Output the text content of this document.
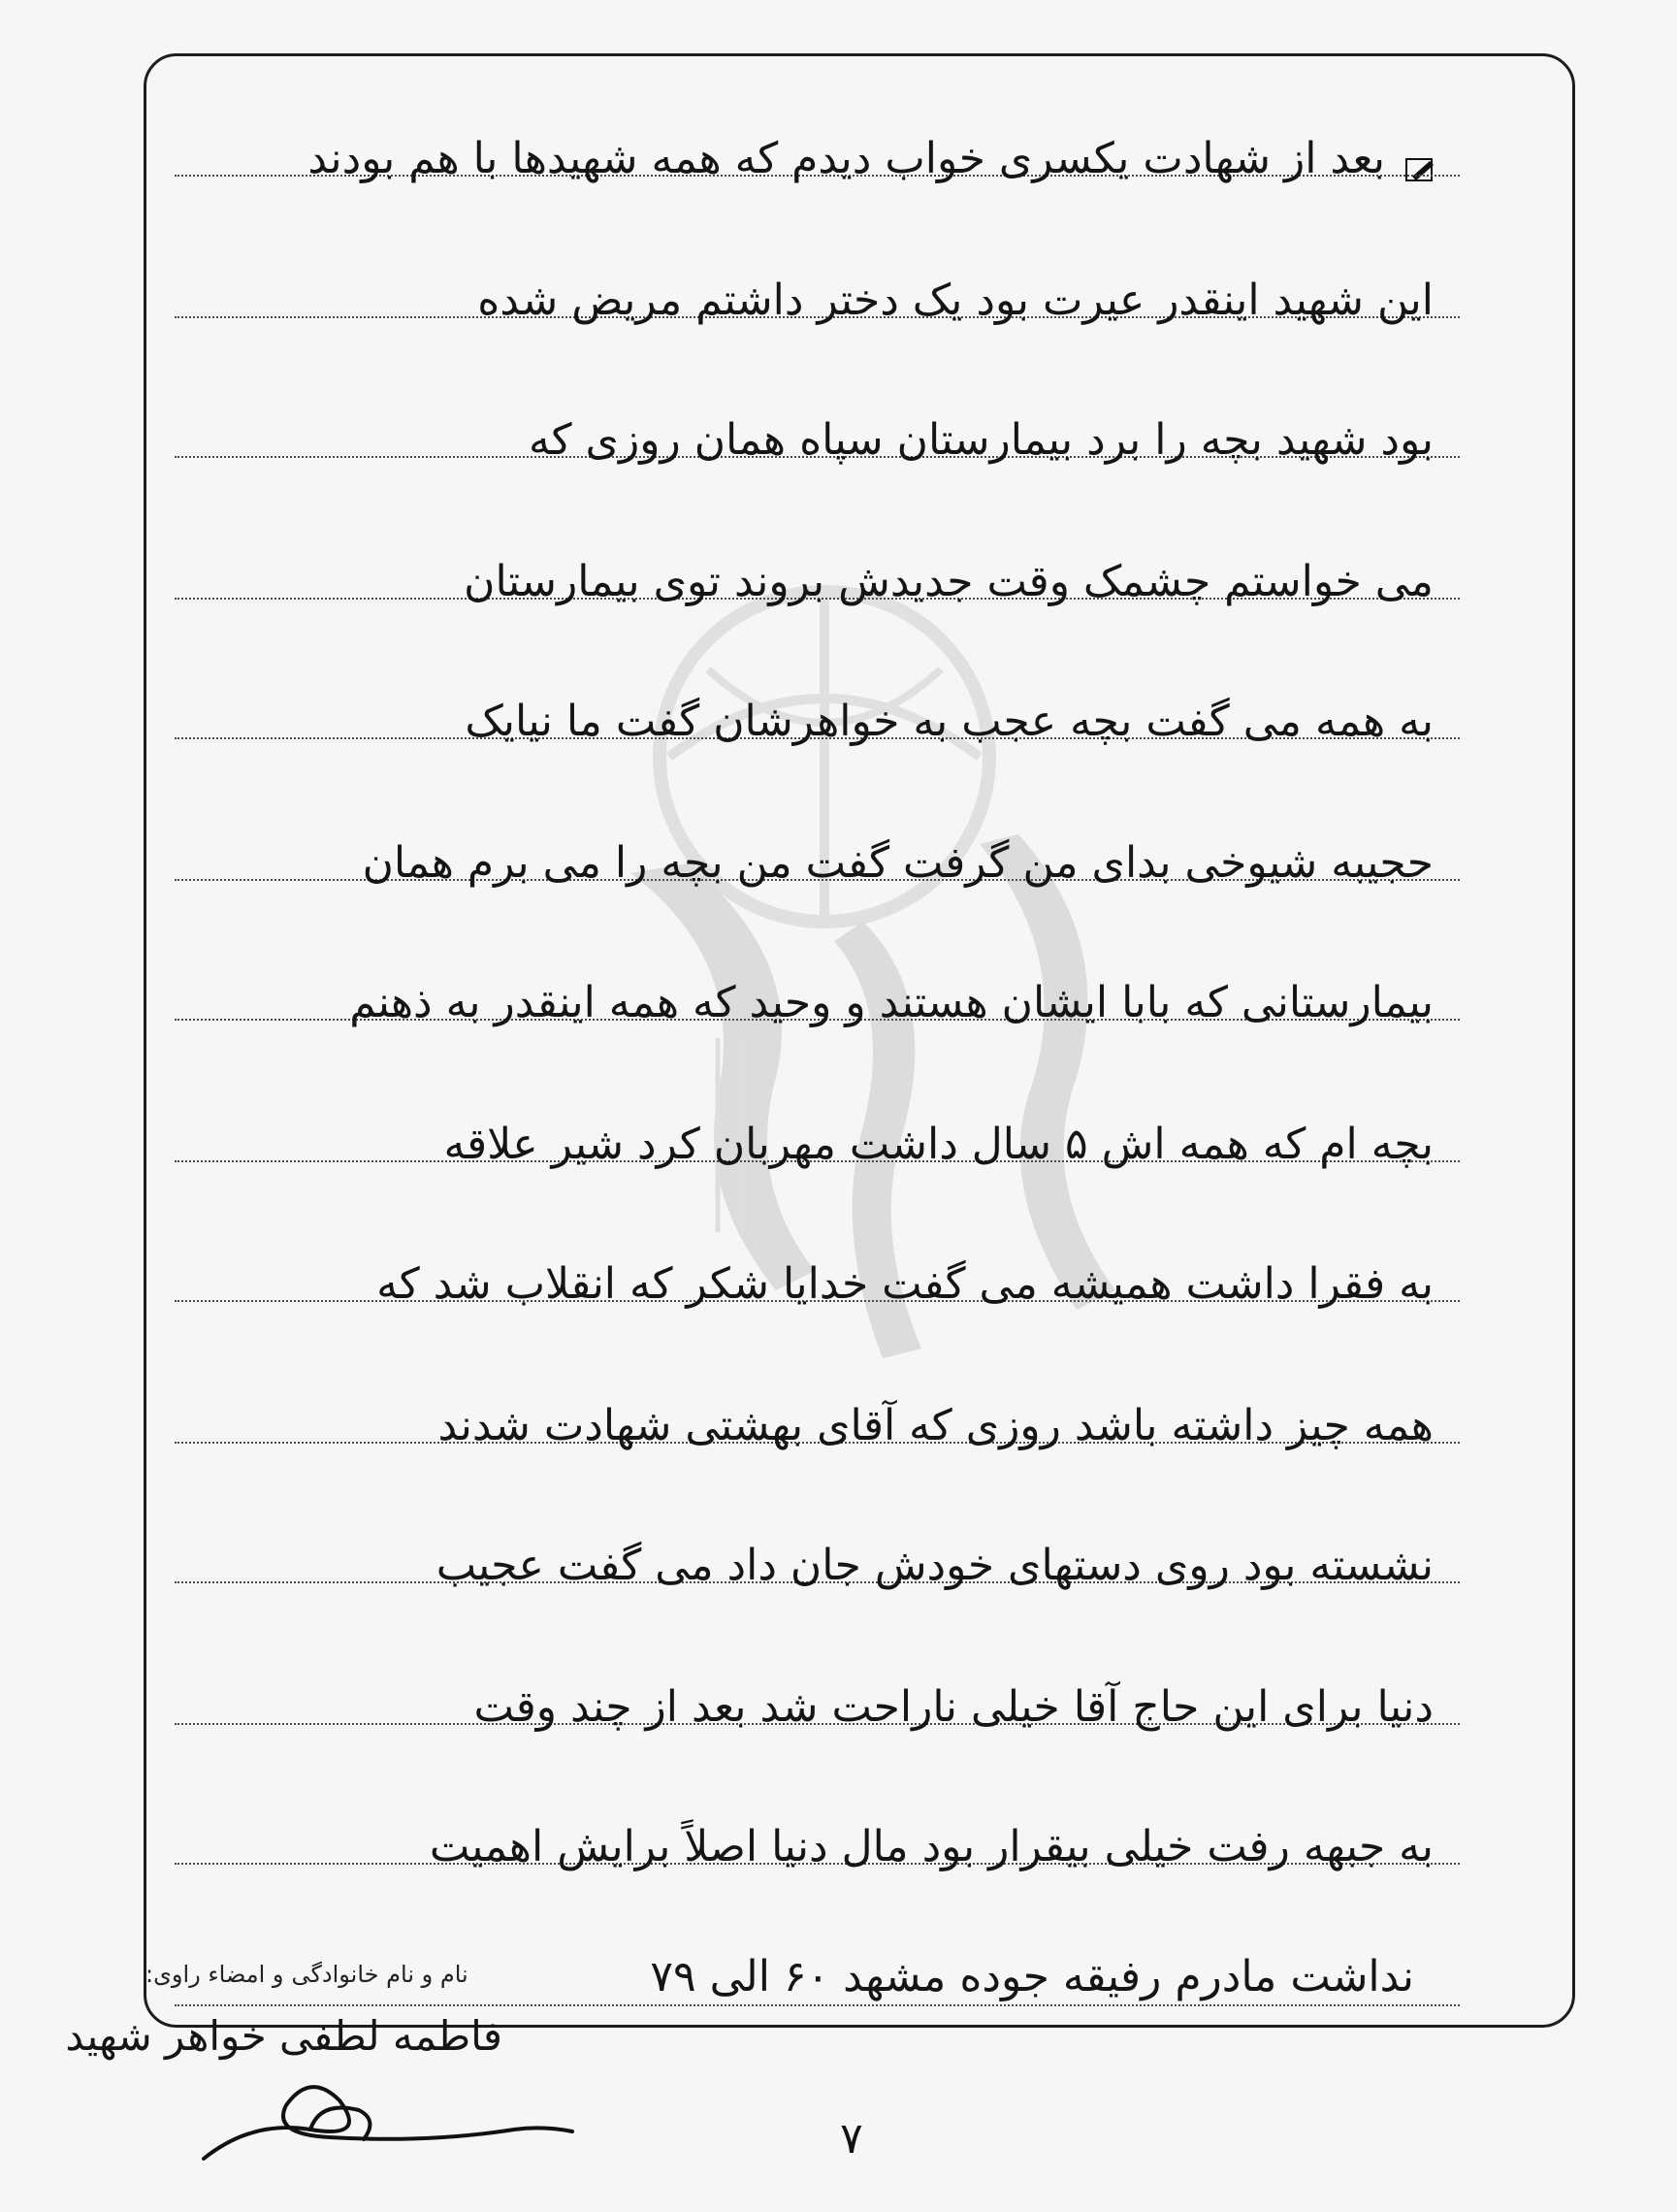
بعد از شهادت یکسری خواب دیدم که همه شهیدها با هم بودند
این شهید اینقدر عیرت بود یک دختر داشتم مریض شده
بود شهید بچه را برد بیمارستان سپاه همان روزی که
می خواستم چشمک وقت جدیدش بروند توی بیمارستان
به همه می گفت بچه عجب به خواهرشان گفت ما نیایک
حجیبه شیوخی بدای من گرفت گفت من بچه را می برم همان
بیمارستانی که بابا ایشان هستند و وحید که همه اینقدر به ذهنم
بچه ام که همه اش ۵ سال داشت مهربان کرد شیر علاقه
به فقرا داشت همیشه می گفت خدایا شکر که انقلاب شد که
همه چیز داشته باشد روزی که آقای بهشتی شهادت شدند
نشسته بود روی دستهای خودش جان داد می گفت عجیب
دنیا برای این حاج آقا خیلی ناراحت شد بعد از چند وقت
به جبهه رفت خیلی بیقرار بود مال دنیا اصلاً برایش اهمیت
نداشت مادرم رفیقه جوده مشهد ۶۰ الی ۷۹
نام و نام خانوادگیو امضاء راوی:
فاطمه لطفی خواهر شهید
۷
